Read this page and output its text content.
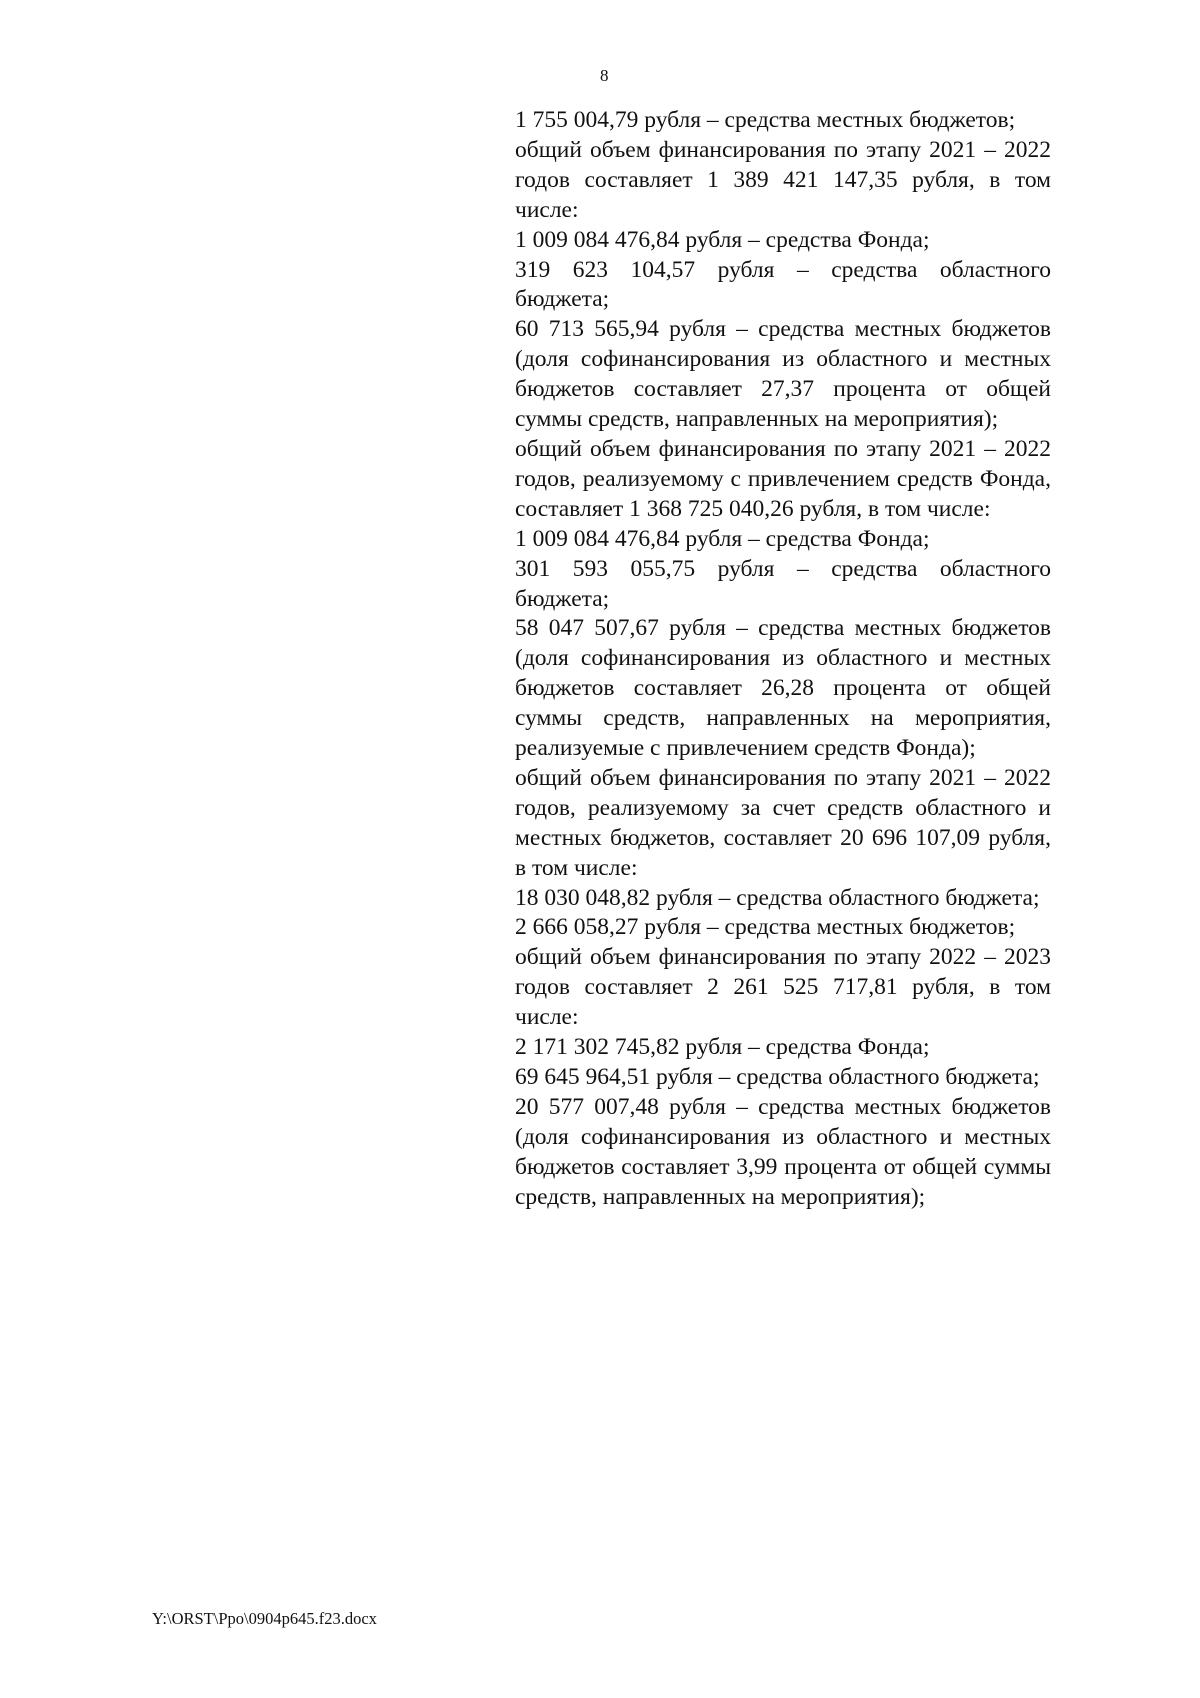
8

1 755 004,79 рубля – средства местных бюджетов;

общий объем финансирования по этапу 2021 – 2022 годов составляет 1 389 421 147,35 рубля, в том числе:

1 009 084 476,84 рубля – средства Фонда;

319 623 104,57 рубля – средства областного бюджета;

60 713 565,94 рубля – средства местных бюджетов (доля софинансирования из областного и местных бюджетов составляет 27,37 процента от общей суммы средств, направленных на мероприятия);

общий объем финансирования по этапу 2021 – 2022 годов, реализуемому с привлечением средств Фонда, составляет 1 368 725 040,26 рубля, в том числе:

1 009 084 476,84 рубля – средства Фонда;

301 593 055,75 рубля – средства областного бюджета;

58 047 507,67 рубля – средства местных бюджетов (доля софинансирования из областного и местных бюджетов составляет 26,28 процента от общей суммы средств, направленных на мероприятия, реализуемые с привлечением средств Фонда);

общий объем финансирования по этапу 2021 – 2022 годов, реализуемому за счет средств областного и местных бюджетов, составляет 20 696 107,09 рубля, в том числе:

18 030 048,82 рубля – средства областного бюджета;

2 666 058,27 рубля – средства местных бюджетов;

общий объем финансирования по этапу 2022 – 2023 годов составляет 2 261 525 717,81 рубля, в том числе:

2 171 302 745,82 рубля – средства Фонда;

69 645 964,51 рубля – средства областного бюджета;

20 577 007,48 рубля – средства местных бюджетов (доля софинансирования из областного и местных бюджетов составляет 3,99 процента от общей суммы средств, направленных на мероприятия);

Y:\ORST\Ppo\0904p645.f23.docx
